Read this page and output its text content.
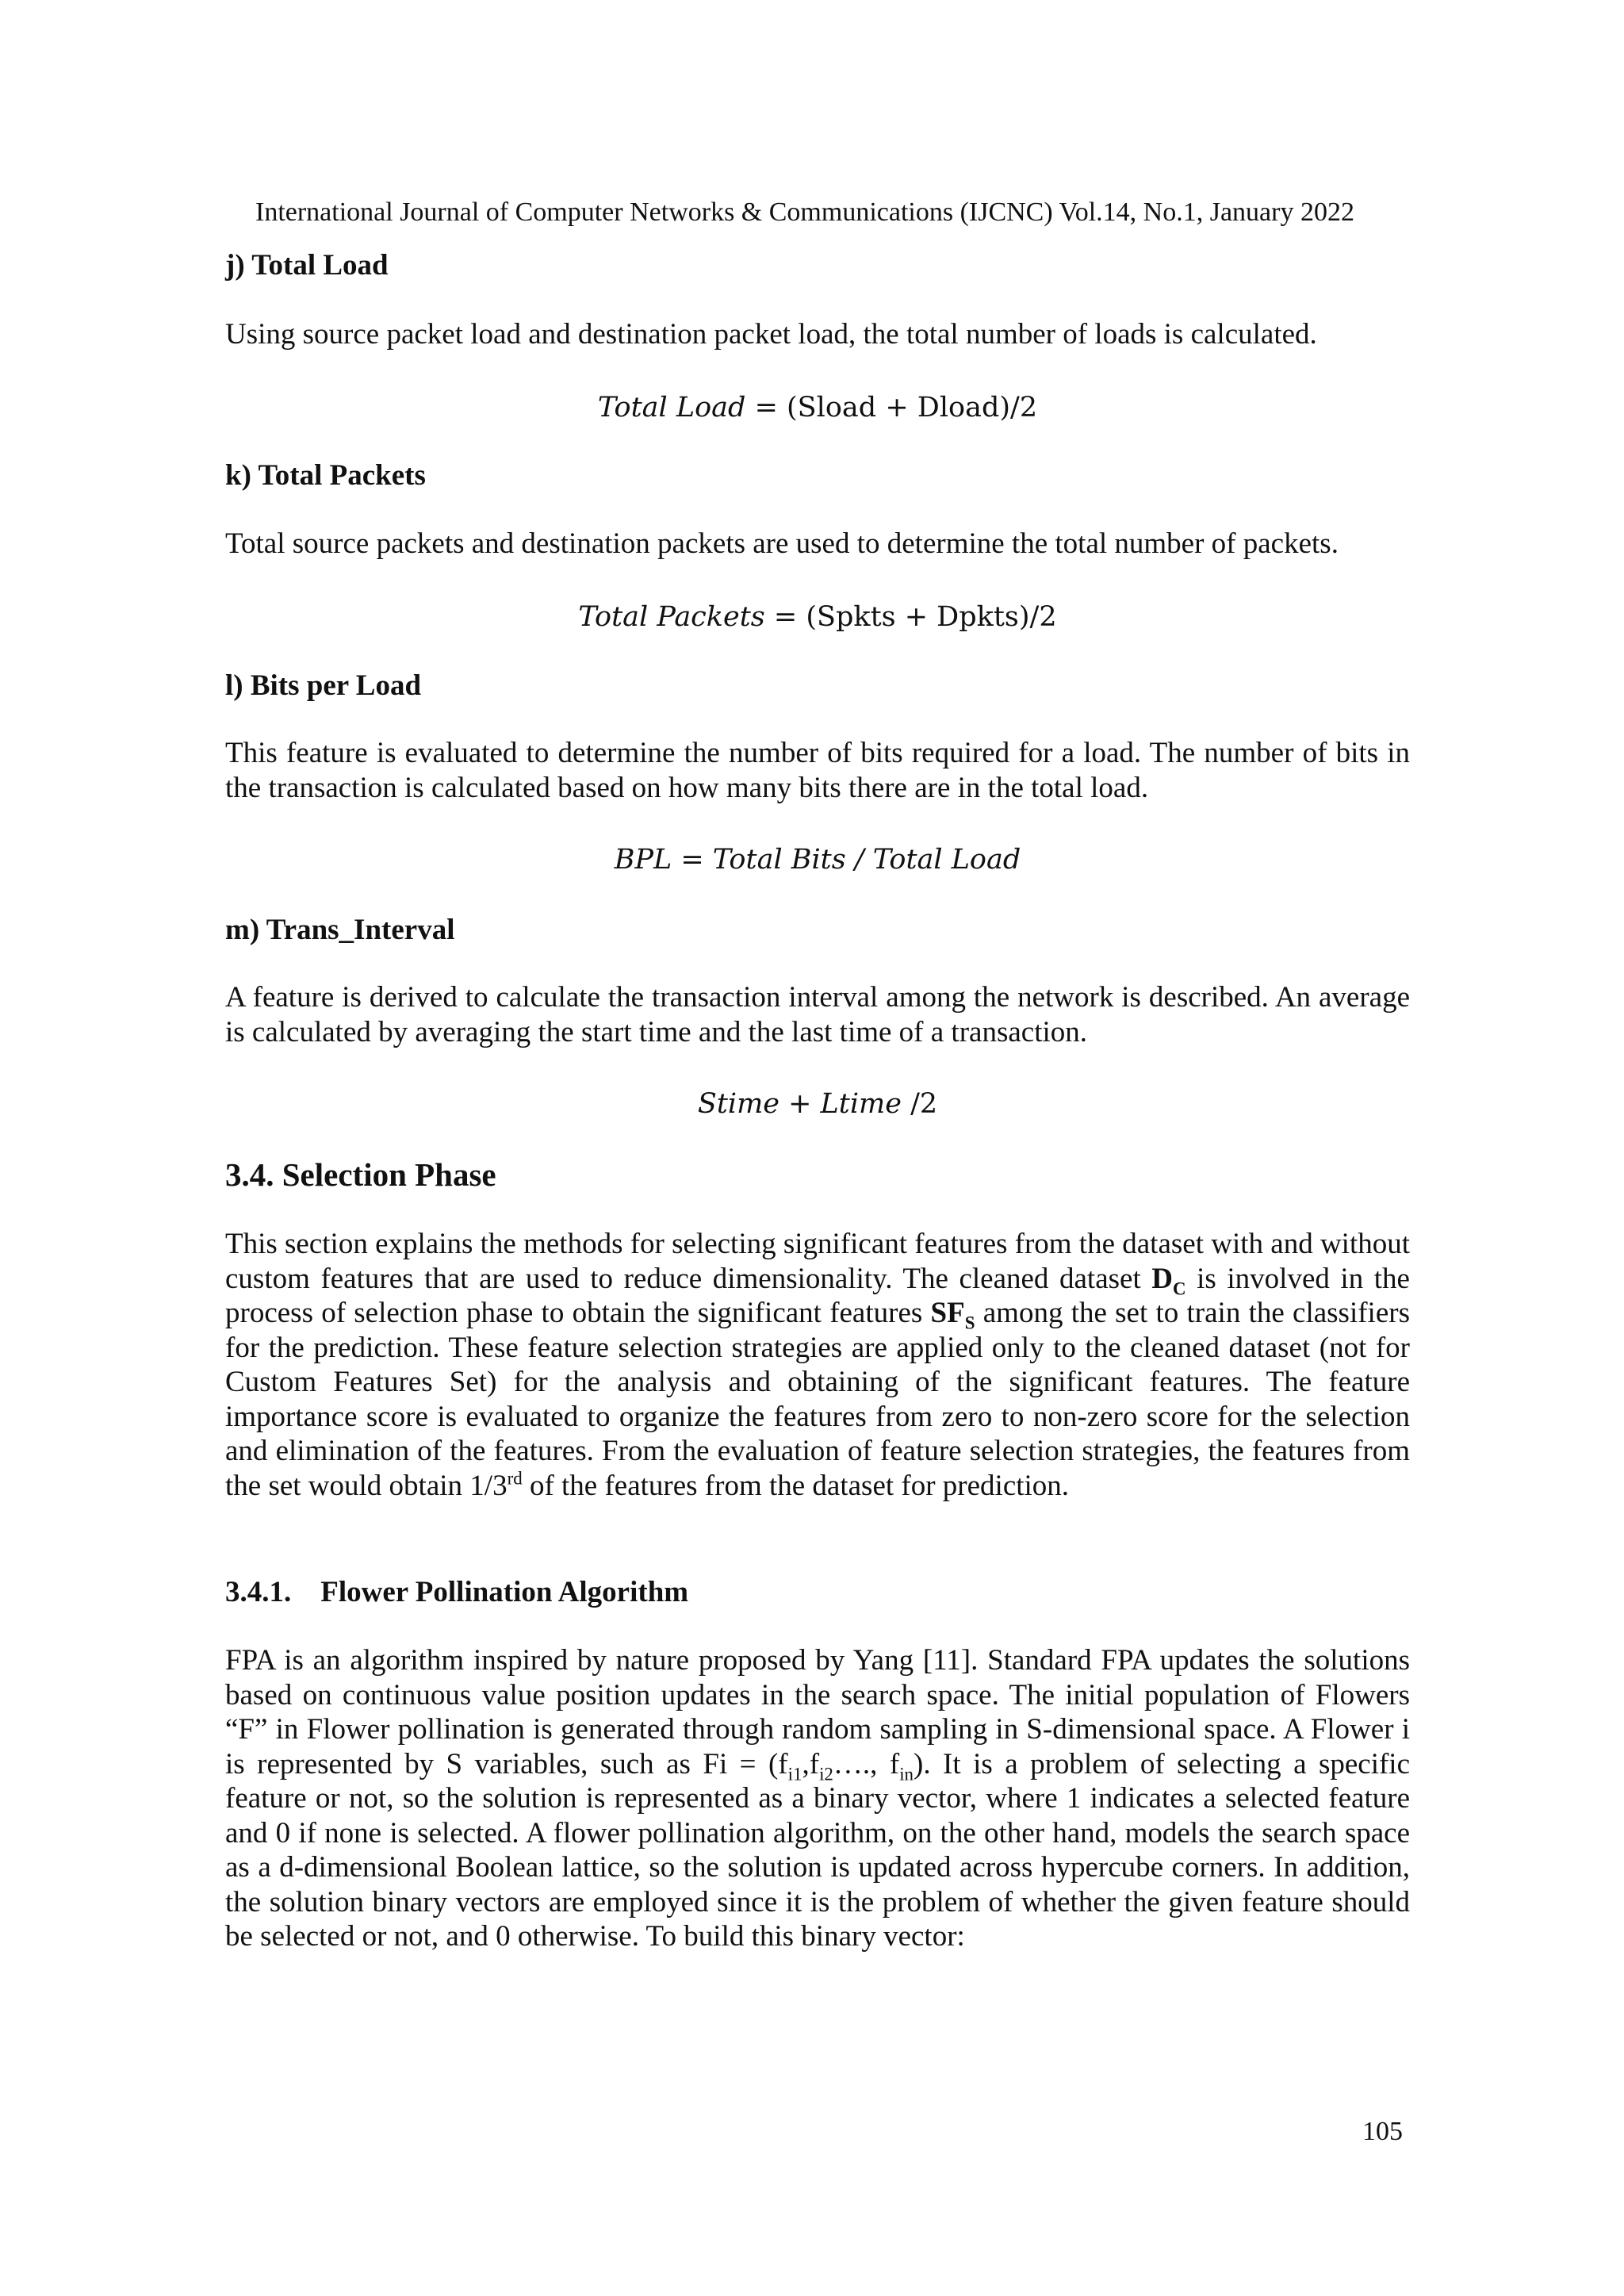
International Journal of Computer Networks & Communications (IJCNC) Vol.14, No.1, January 2022
j) Total Load
Using source packet load and destination packet load, the total number of loads is calculated.
Total Load = (Sload + Dload)/2
k) Total Packets
Total source packets and destination packets are used to determine the total number of packets.
Total Packets = (Spkts + Dpkts)/2
l) Bits per Load
This feature is evaluated to determine the number of bits required for a load. The number of bits in the transaction is calculated based on how many bits there are in the total load.
BPL = Total Bits / Total Load
m) Trans_Interval
A feature is derived to calculate the transaction interval among the network is described. An average is calculated by averaging the start time and the last time of a transaction.
Stime + Ltime /2
3.4. Selection Phase
This section explains the methods for selecting significant features from the dataset with and without custom features that are used to reduce dimensionality. The cleaned dataset $D_C$ is involved in the process of selection phase to obtain the significant features $SF_S$ among the set to train the classifiers for the prediction. These feature selection strategies are applied only to the cleaned dataset (not for Custom Features Set) for the analysis and obtaining of the significant features. The feature importance score is evaluated to organize the features from zero to non-zero score for the selection and elimination of the features. From the evaluation of feature selection strategies, the features from the set would obtain 1/3rd of the features from the dataset for prediction.
3.4.1.    Flower Pollination Algorithm
FPA is an algorithm inspired by nature proposed by Yang [11]. Standard FPA updates the solutions based on continuous value position updates in the search space. The initial population of Flowers “F” in Flower pollination is generated through random sampling in S-dimensional space. A Flower i is represented by S variables, such as $Fi = (f_{i1},f_{i2}\dots$., $f_{in}$). It is a problem of selecting a specific feature or not, so the solution is represented as a binary vector, where 1 indicates a selected feature and 0 if none is selected. A flower pollination algorithm, on the other hand, models the search space as a d-dimensional Boolean lattice, so the solution is updated across hypercube corners. In addition, the solution binary vectors are employed since it is the problem of whether the given feature should be selected or not, and 0 otherwise. To build this binary vector:
105
